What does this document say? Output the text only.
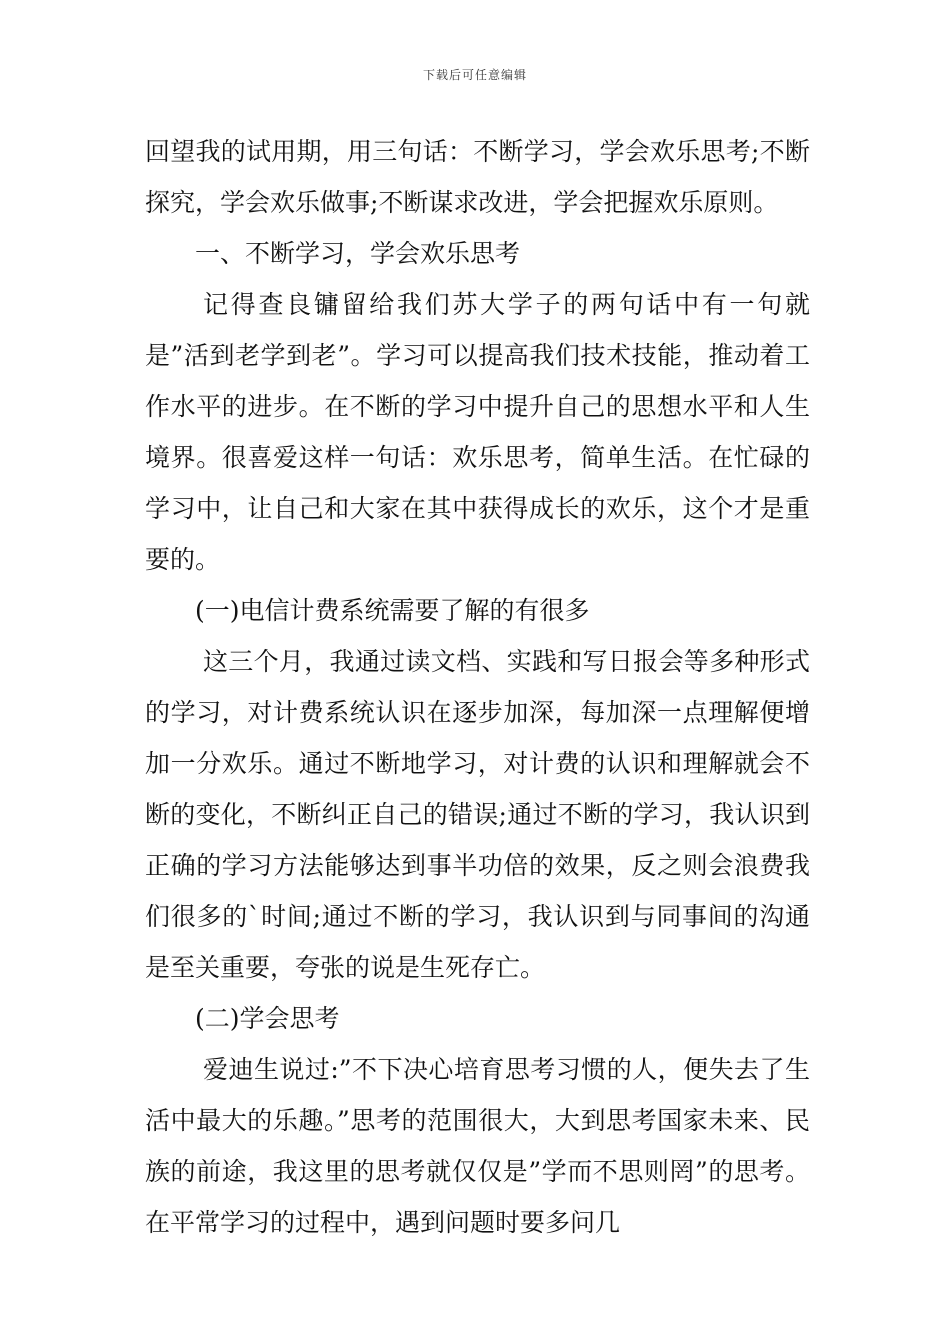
下载后可任意编辑

回望我的试用期，用三句话：不断学习，学会欢乐思考;不断探究，学会欢乐做事;不断谋求改进，学会把握欢乐原则。

一、不断学习，学会欢乐思考

记得查良镛留给我们苏大学子的两句话中有一句就是”活到老学到老”。学习可以提高我们技术技能，推动着工作水平的进步。在不断的学习中提升自己的思想水平和人生境界。很喜爱这样一句话：欢乐思考，简单生活。在忙碌的学习中，让自己和大家在其中获得成长的欢乐，这个才是重要的。

(一)电信计费系统需要了解的有很多

这三个月，我通过读文档、实践和写日报会等多种形式的学习，对计费系统认识在逐步加深，每加深一点理解便增加一分欢乐。通过不断地学习，对计费的认识和理解就会不断的变化，不断纠正自己的错误;通过不断的学习，我认识到正确的学习方法能够达到事半功倍的效果，反之则会浪费我们很多的`时间;通过不断的学习，我认识到与同事间的沟通是至关重要，夸张的说是生死存亡。

(二)学会思考

爱迪生说过:”不下决心培育思考习惯的人，便失去了生活中最大的乐趣。”思考的范围很大，大到思考国家未来、民族的前途，我这里的思考就仅仅是”学而不思则罔”的思考。在平常学习的过程中，遇到问题时要多问几
